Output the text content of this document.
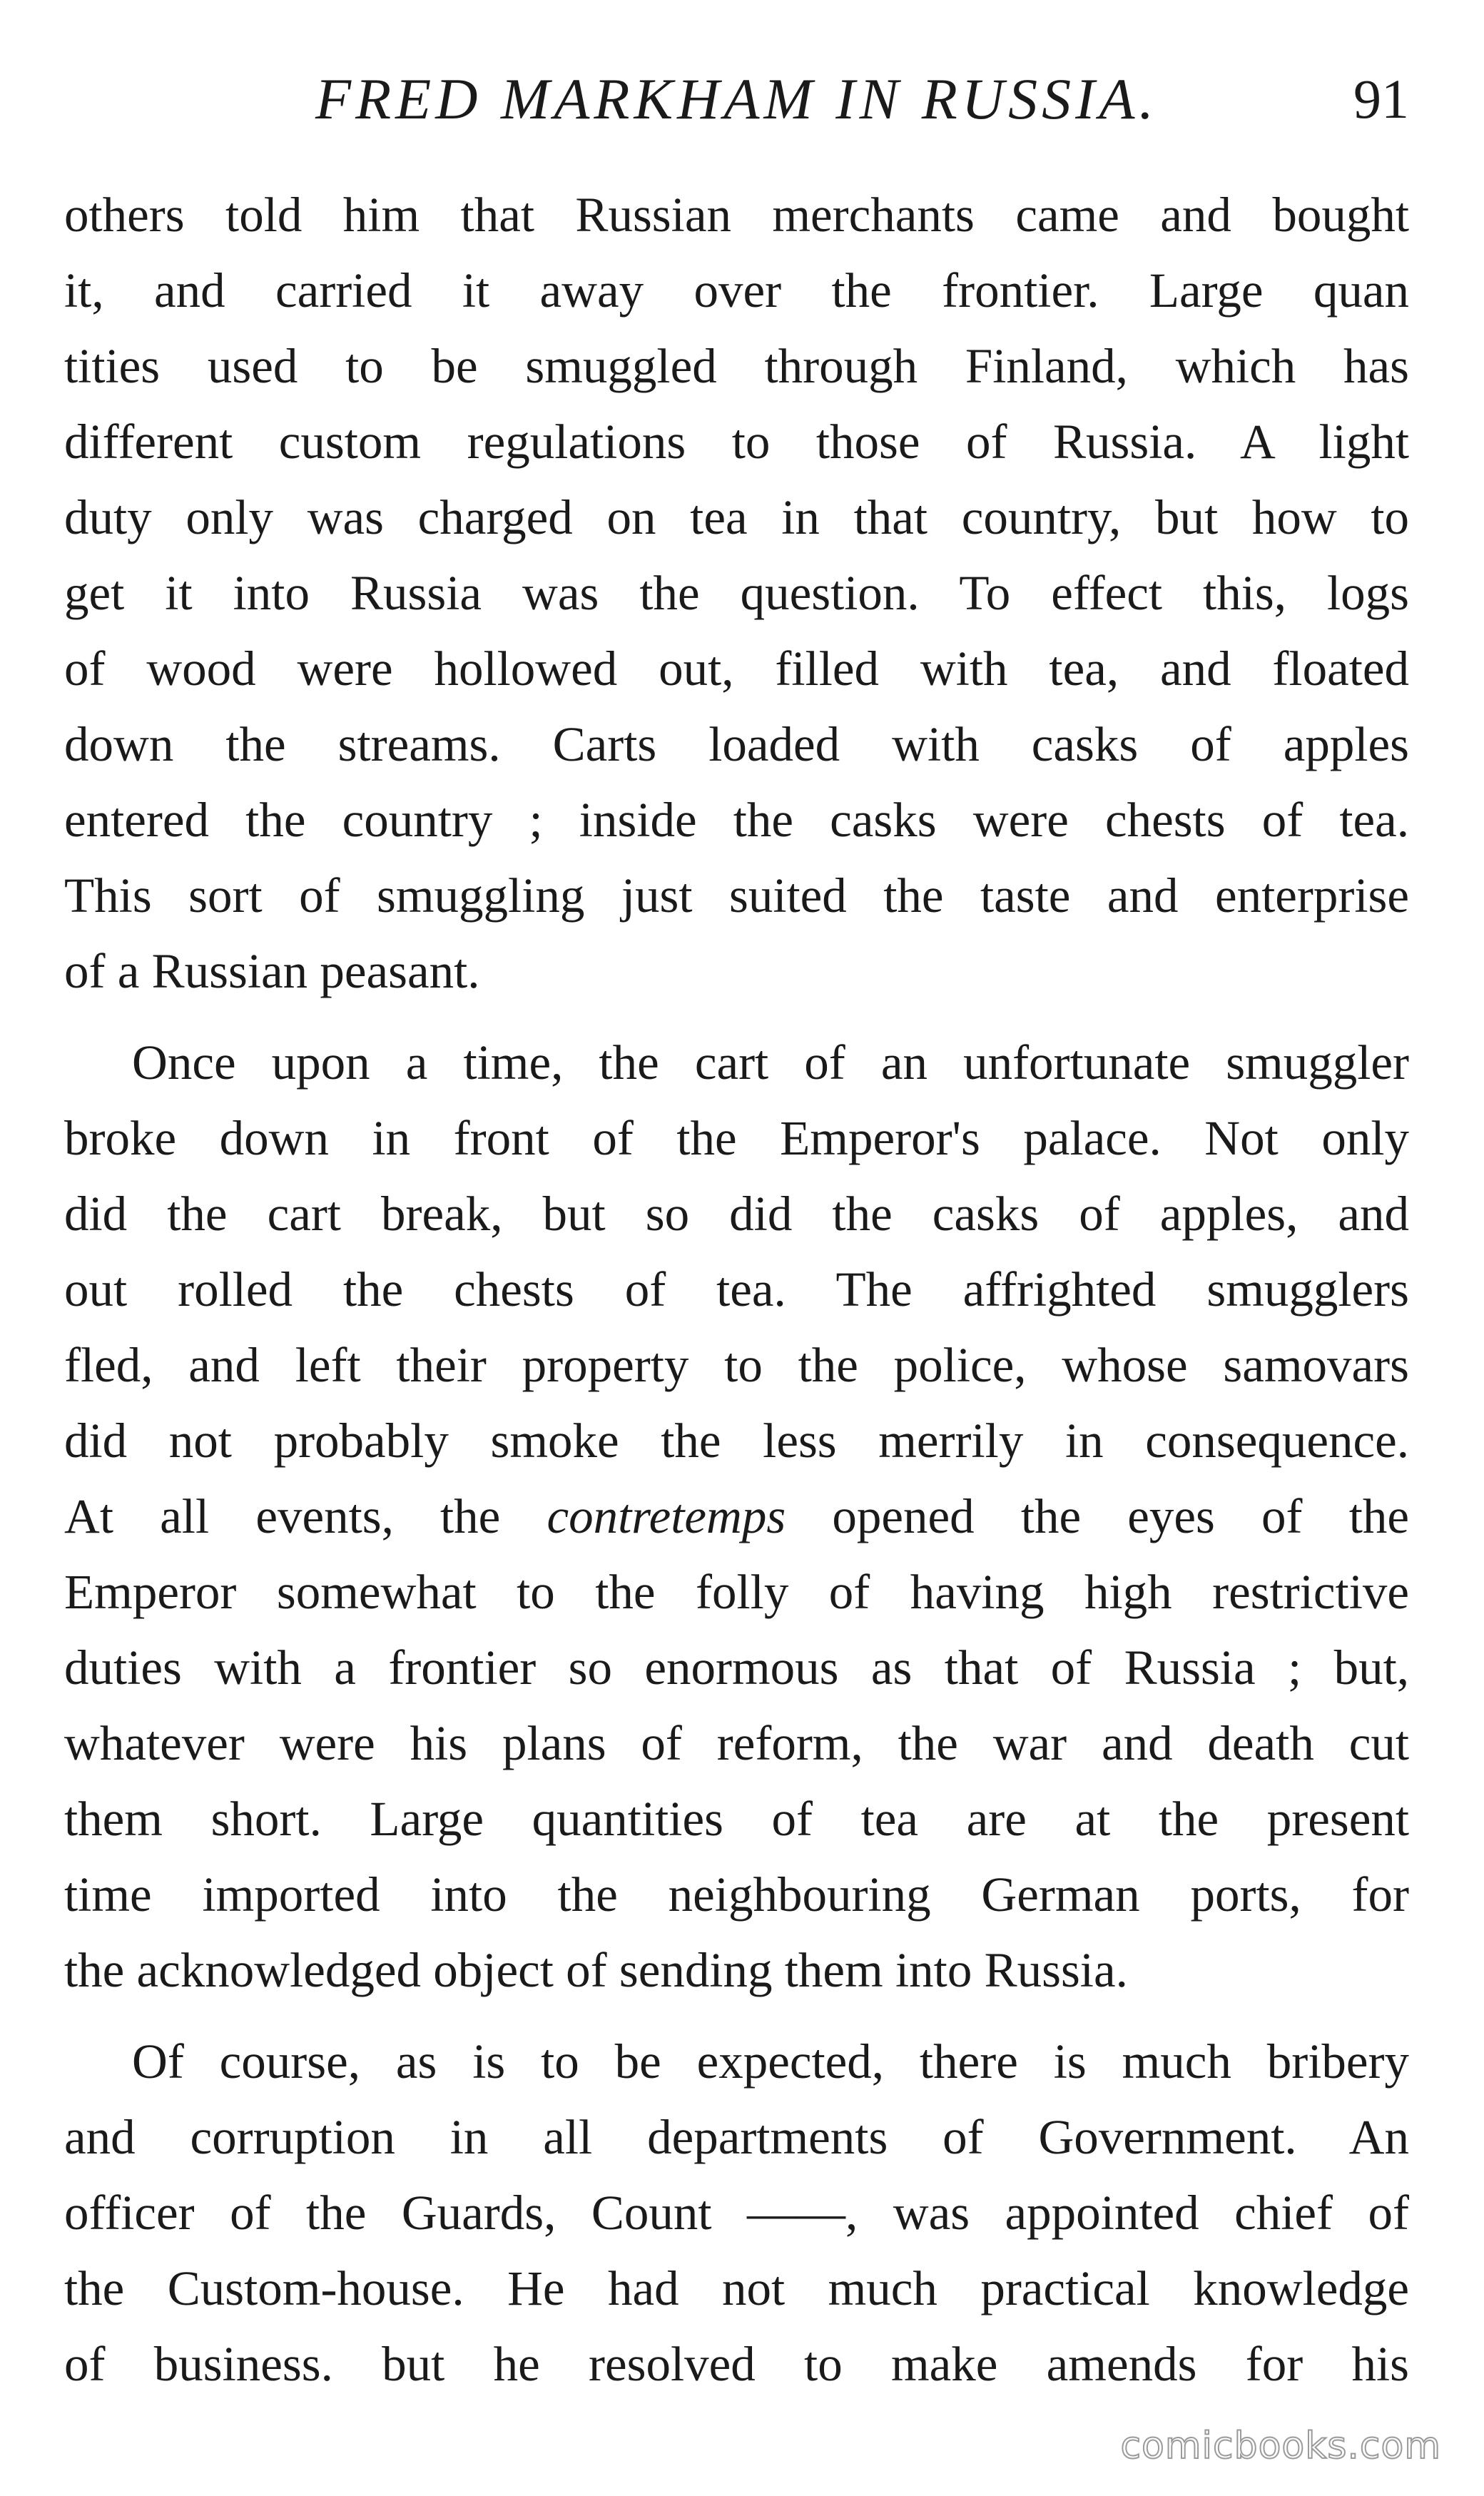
FRED MARKHAM IN RUSSIA.	91
others told him that Russian merchants came and bought
it, and carried it away over the frontier. Large quan
tities used to be smuggled through Finland, which has
different custom regulations to those of Russia. A light
duty only was charged on tea in that country, but how to
get it into Russia was the question. To effect this, logs
of wood were hollowed out, filled with tea, and floated
down the streams. Carts loaded with casks of apples
entered the country ; inside the casks were chests of tea.
This sort of smuggling just suited the taste and enterprise
of a Russian peasant.
Once upon a time, the cart of an unfortunate smuggler
broke down in front of the Emperor's palace. Not only
did the cart break, but so did the casks of apples, and
out rolled the chests of tea. The affrighted smugglers
fled, and left their property to the police, whose samovars
did not probably smoke the less merrily in consequence.
At all events, the contretemps opened the eyes of the
Emperor somewhat to the folly of having high restrictive
duties with a frontier so enormous as that of Russia ; but,
whatever were his plans of reform, the war and death cut
them short. Large quantities of tea are at the present
time imported into the neighbouring German ports, for
the acknowledged object of sending them into Russia.
Of course, as is to be expected, there is much bribery
and corruption in all departments of Government. An
officer of the Guards, Count ——, was appointed chief of
the Custom-house. He had not much practical knowledge
of business. but he resolved to make amends for his
comicbooks.com
